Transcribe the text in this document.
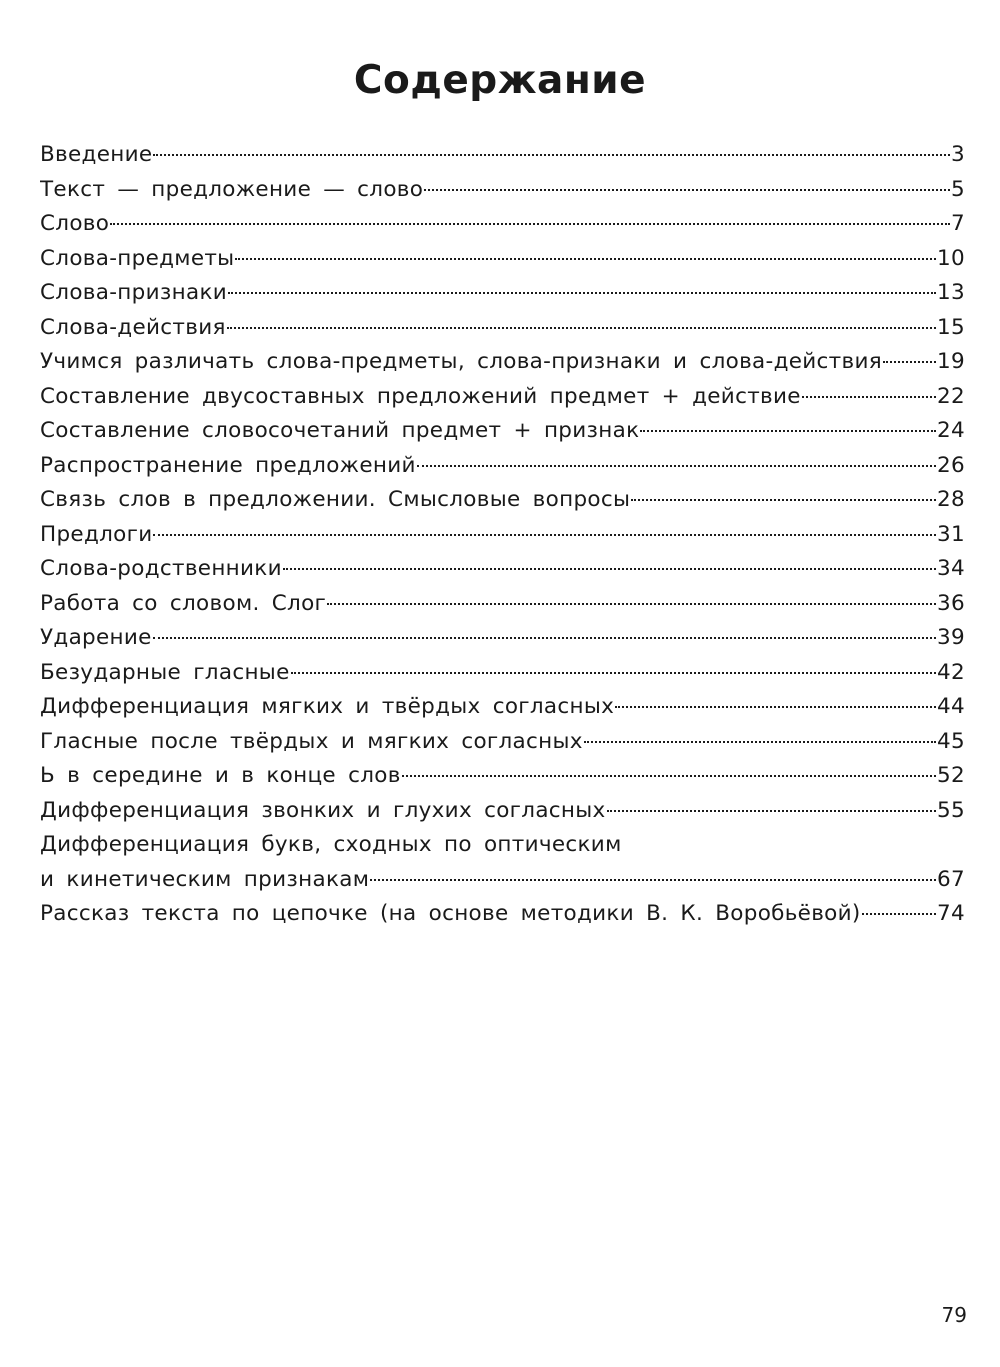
Содержание
Введение	3
Текст — предложение — слово	5
Слово	7
Слова-предметы	10
Слова-признаки	13
Слова-действия	15
Учимся различать слова-предметы, слова-признаки и слова-действия	19
Составление двусоставных предложений предмет + действие	22
Составление словосочетаний предмет + признак	24
Распространение предложений	26
Связь слов в предложении. Смысловые вопросы	28
Предлоги	31
Слова-родственники	34
Работа со словом. Слог	36
Ударение	39
Безударные гласные	42
Дифференциация мягких и твёрдых согласных	44
Гласные после твёрдых и мягких согласных	45
Ь в середине и в конце слов	52
Дифференциация звонких и глухих согласных	55
Дифференциация букв, сходных по оптическим
и кинетическим признакам	67
Рассказ текста по цепочке (на основе методики В. К. Воробьёвой)	74
79
